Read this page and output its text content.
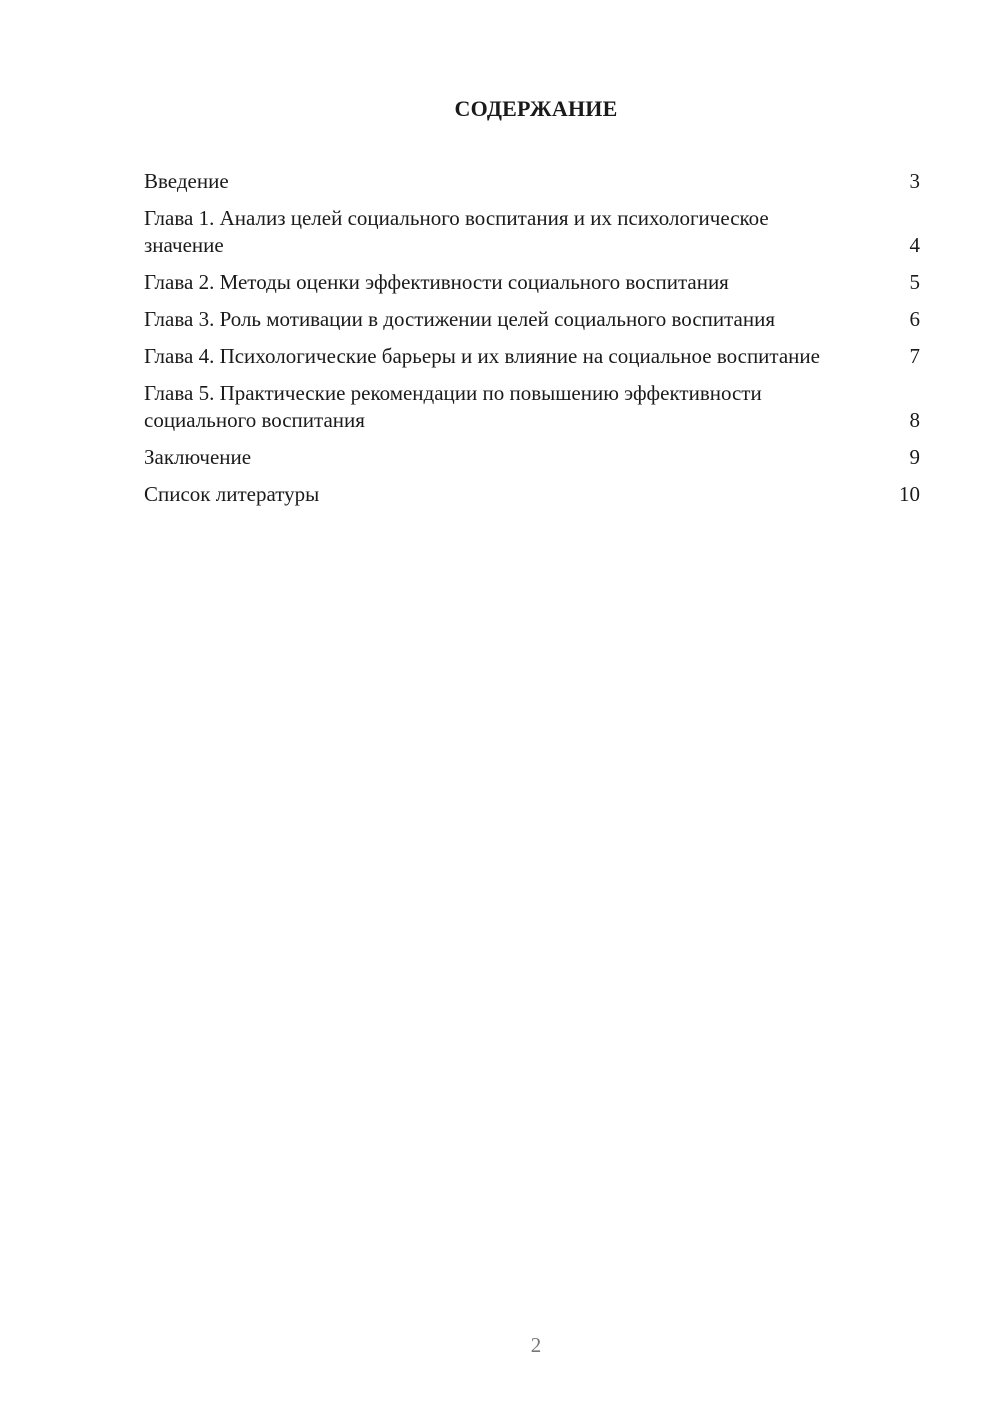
СОДЕРЖАНИЕ
Введение	3
Глава 1. Анализ целей социального воспитания и их психологическое значение	4
Глава 2. Методы оценки эффективности социального воспитания	5
Глава 3. Роль мотивации в достижении целей социального воспитания	6
Глава 4. Психологические барьеры и их влияние на социальное воспитание	7
Глава 5. Практические рекомендации по повышению эффективности социального воспитания	8
Заключение	9
Список литературы	10
2
